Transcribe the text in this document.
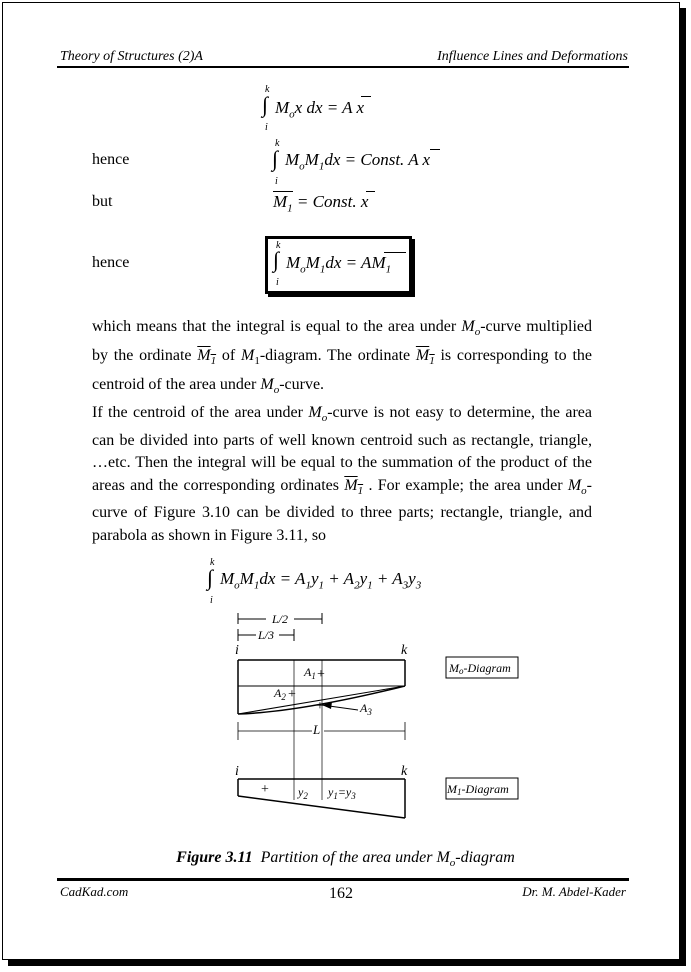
Theory of Structures (2)A	Influence Lines and Deformations
k
∫
i
$M_ox$ dx = A x
hence
k
∫
i
$M_oM_1dx$ = Const. A x
but	$M_1$ = Const. x
hence
k
∫
i
$M_oM_1dx = AM_1$
which means that the integral is equal to the area under $M_o$-curve multiplied by the ordinate $M_1$ of $M_1$-diagram. The ordinate $M_1$ is corresponding to the centroid of the area under $M_o$-curve.
If the centroid of the area under $M_o$-curve is not easy to determine, the area can be divided into parts of well known centroid such as rectangle, triangle, …etc. Then the integral will be equal to the summation of the product of the areas and the corresponding ordinates $M_1$ . For example; the area under $M_o$-curve of Figure 3.10 can be divided to three parts; rectangle, triangle, and parabola as shown in Figure 3.11, so
k
∫
i
$M_oM_1dx = A_1y_1 + A_2y_1 + A_3y_3$
L/2
L/3
i	k
$A_1$ +
$A_2$ +
+	$A_3$
L
Mo-Diagram
i	k
+ $y_2$ $y_1=y_3$	M1-Diagram
Figure 3.11 Partition of the area under $M_o$-diagram
CadKad.com	162	Dr. M. Abdel-Kader
